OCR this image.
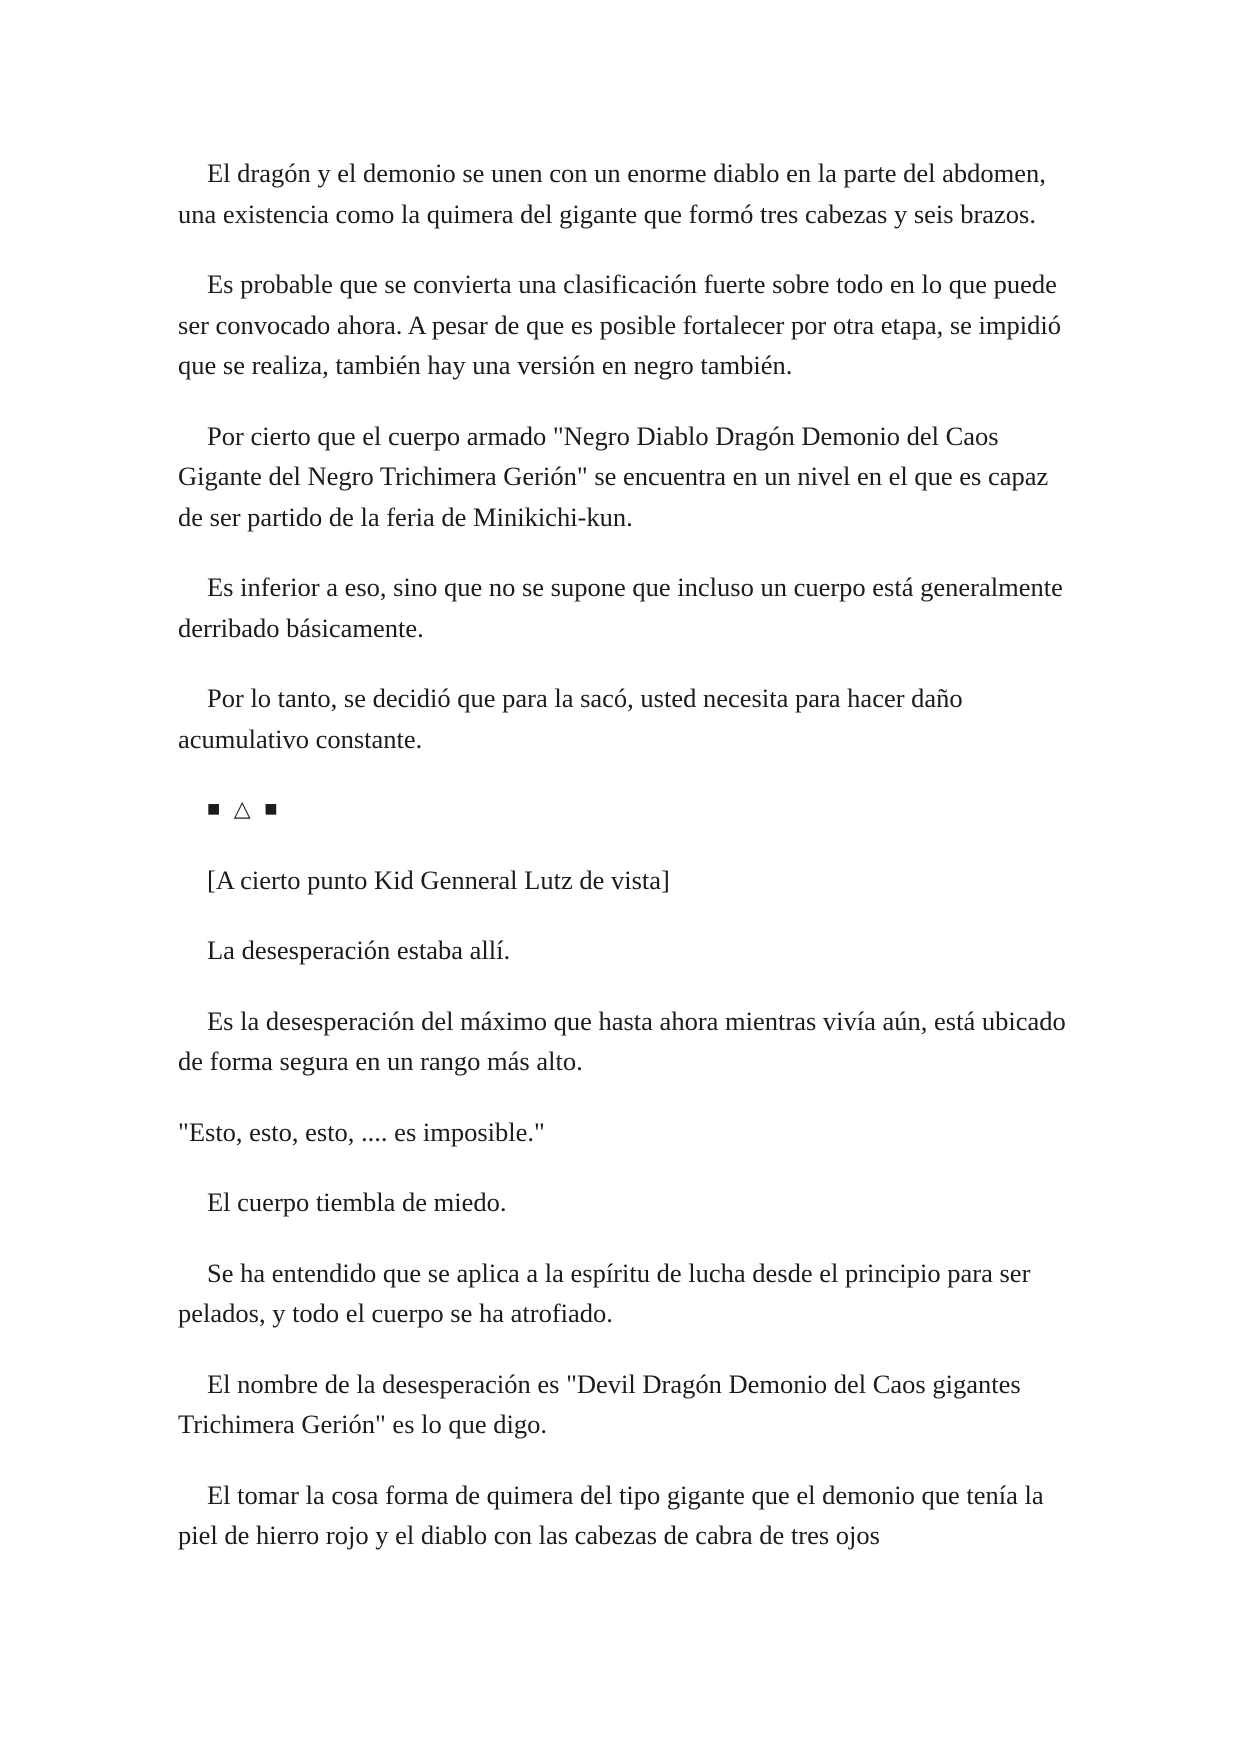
El dragón y el demonio se unen con un enorme diablo en la parte del abdomen, una existencia como la quimera del gigante que formó tres cabezas y seis brazos.

Es probable que se convierta una clasificación fuerte sobre todo en lo que puede ser convocado ahora. A pesar de que es posible fortalecer por otra etapa, se impidió que se realiza, también hay una versión en negro también.

Por cierto que el cuerpo armado "Negro Diablo Dragón Demonio del Caos Gigante del Negro Trichimera Gerión" se encuentra en un nivel en el que es capaz de ser partido de la feria de Minikichi-kun.

Es inferior a eso, sino que no se supone que incluso un cuerpo está generalmente derribado básicamente.

Por lo tanto, se decidió que para la sacó, usted necesita para hacer daño acumulativo constante.

■ △ ■

[A cierto punto Kid Genneral Lutz de vista]

La desesperación estaba allí.

Es la desesperación del máximo que hasta ahora mientras vivía aún, está ubicado de forma segura en un rango más alto.

"Esto, esto, esto, .... es imposible."

El cuerpo tiembla de miedo.

Se ha entendido que se aplica a la espíritu de lucha desde el principio para ser pelados, y todo el cuerpo se ha atrofiado.

El nombre de la desesperación es "Devil Dragón Demonio del Caos gigantes Trichimera Gerión" es lo que digo.

El tomar la cosa forma de quimera del tipo gigante que el demonio que tenía la piel de hierro rojo y el diablo con las cabezas de cabra de tres ojos
